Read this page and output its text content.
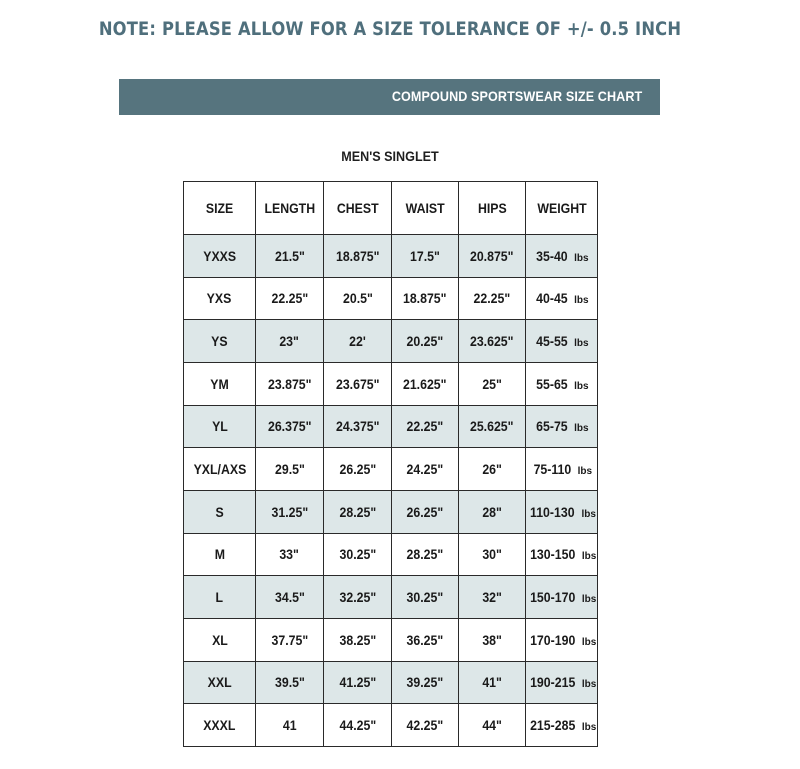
NOTE: PLEASE ALLOW FOR A SIZE TOLERANCE OF +/- 0.5 INCH
COMPOUND SPORTSWEAR SIZE CHART
MEN'S SINGLET
SIZE	LENGTH	CHEST	WAIST	HIPS	WEIGHT
YXXS	21.5"	18.875"	17.5"	20.875"	35-40 lbs
YXS	22.25"	20.5"	18.875"	22.25"	40-45 lbs
YS	23"	22'	20.25"	23.625"	45-55 lbs
YM	23.875"	23.675"	21.625"	25"	55-65 lbs
YL	26.375"	24.375"	22.25"	25.625"	65-75 lbs
YXL/AXS	29.5"	26.25"	24.25"	26"	75-110 lbs
S	31.25"	28.25"	26.25"	28"	110-130 lbs
M	33"	30.25"	28.25"	30"	130-150 lbs
L	34.5"	32.25"	30.25"	32"	150-170 lbs
XL	37.75"	38.25"	36.25"	38"	170-190 lbs
XXL	39.5"	41.25"	39.25"	41"	190-215 lbs
XXXL	41	44.25"	42.25"	44"	215-285 lbs
